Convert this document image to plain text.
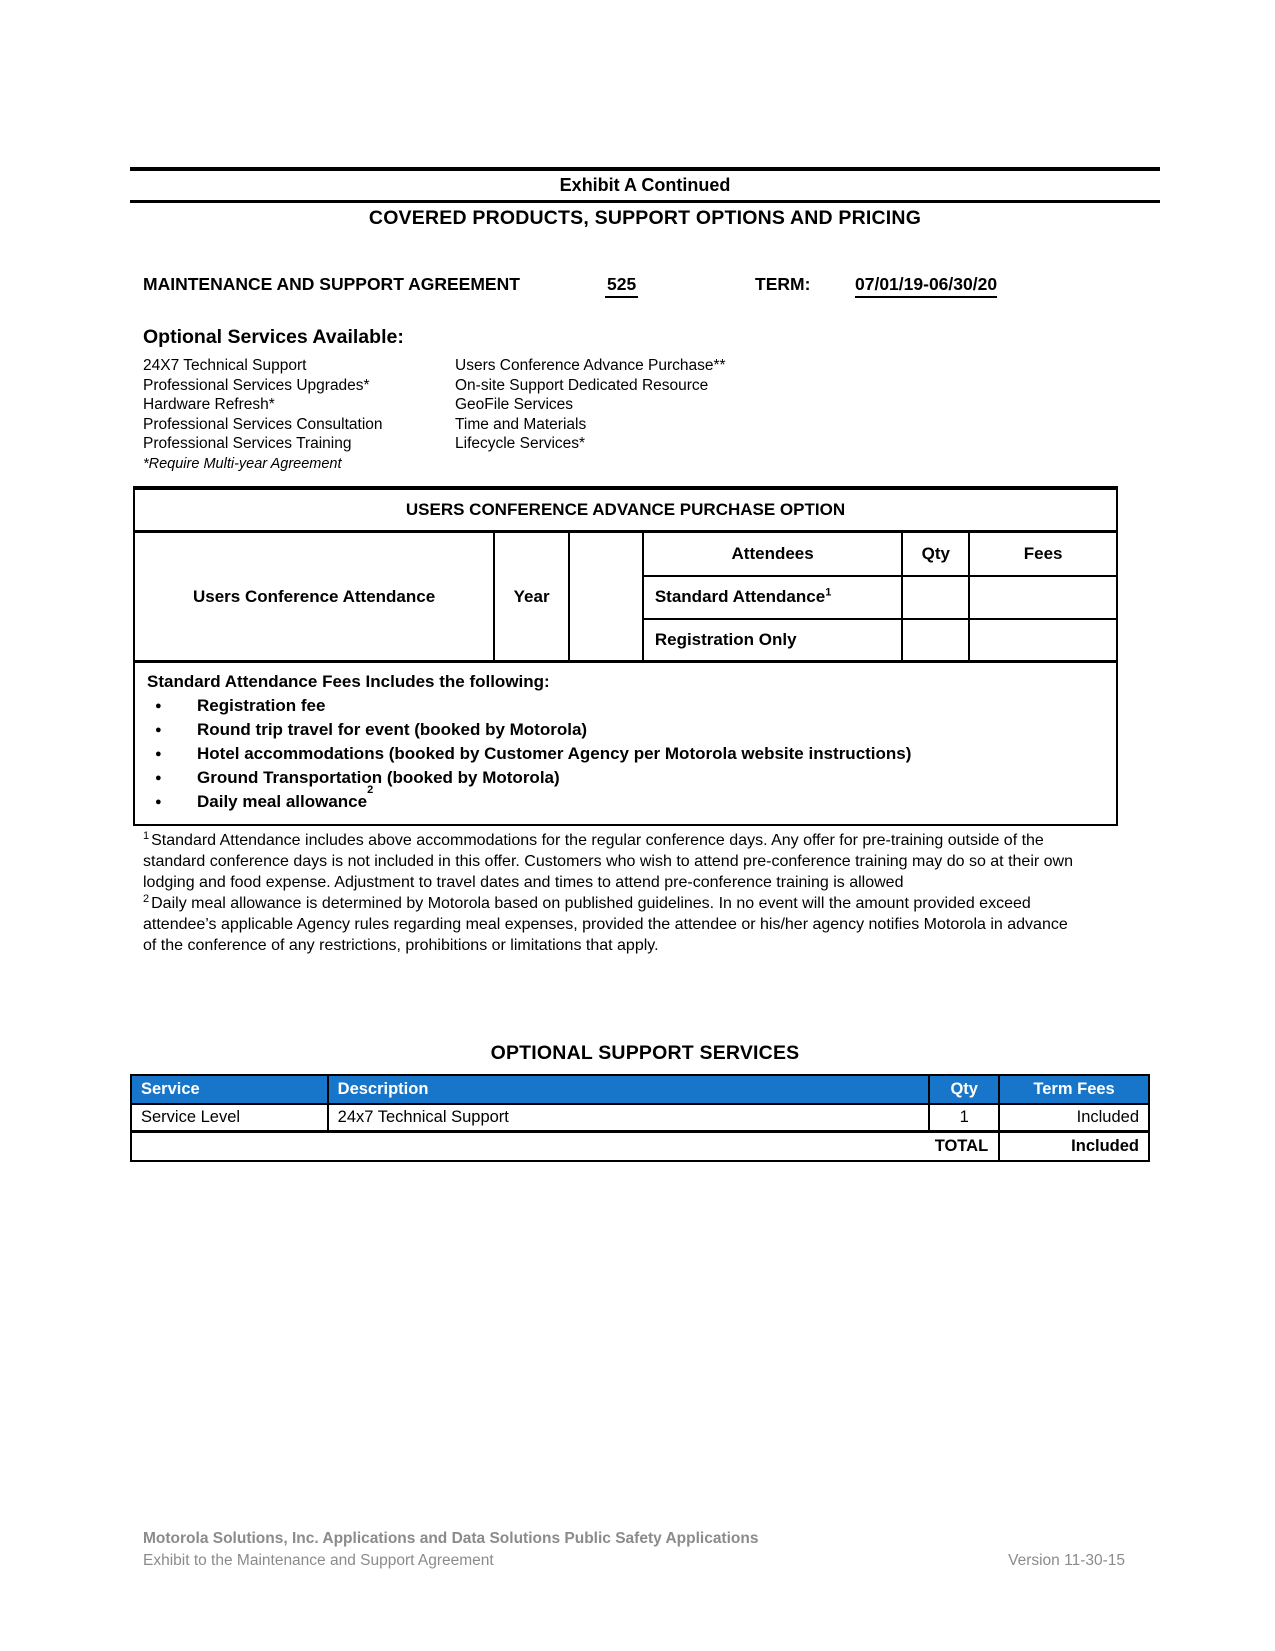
Exhibit A Continued
COVERED PRODUCTS, SUPPORT OPTIONS AND PRICING
MAINTENANCE AND SUPPORT AGREEMENT	525	TERM:	07/01/19-06/30/20
Optional Services Available:
24X7 Technical Support
Professional Services Upgrades*
Hardware Refresh*
Professional Services Consultation
Professional Services Training
Users Conference Advance Purchase**
On-site Support Dedicated Resource
GeoFile Services
Time and Materials
Lifecycle Services*
*Require Multi-year Agreement
USERS CONFERENCE ADVANCE PURCHASE OPTION					
Users Conference Attendance	Year		Attendees	Qty	Fees
			Standard Attendance$^1$		
			Registration Only		

Standard Attendance Fees Includes the following:
● Registration fee
● Round trip travel for event (booked by Motorola)
● Hotel accommodations (booked by Customer Agency per Motorola website instructions)
● Ground Transportation (booked by Motorola)
● Daily meal allowance
2
$^1$ Standard Attendance includes above accommodations for the regular conference days. Any offer for pre-training outside of the standard conference days is not included in this offer. Customers who wish to attend pre-conference training may do so at their own lodging and food expense. Adjustment to travel dates and times to attend pre-conference training is allowed
$^2$ Daily meal allowance is determined by Motorola based on published guidelines. In no event will the amount provided exceed attendee’s applicable Agency rules regarding meal expenses, provided the attendee or his/her agency notifies Motorola in advance of the conference of any restrictions, prohibitions or limitations that apply.
OPTIONAL SUPPORT SERVICES
Service	Description	Qty	Term Fees
Service Level	24x7 Technical Support	1	Included
TOTAL			Included
Motorola Solutions, Inc. Applications and Data Solutions Public Safety Applications
Exhibit to the Maintenance and Support Agreement	Version 11-30-15
